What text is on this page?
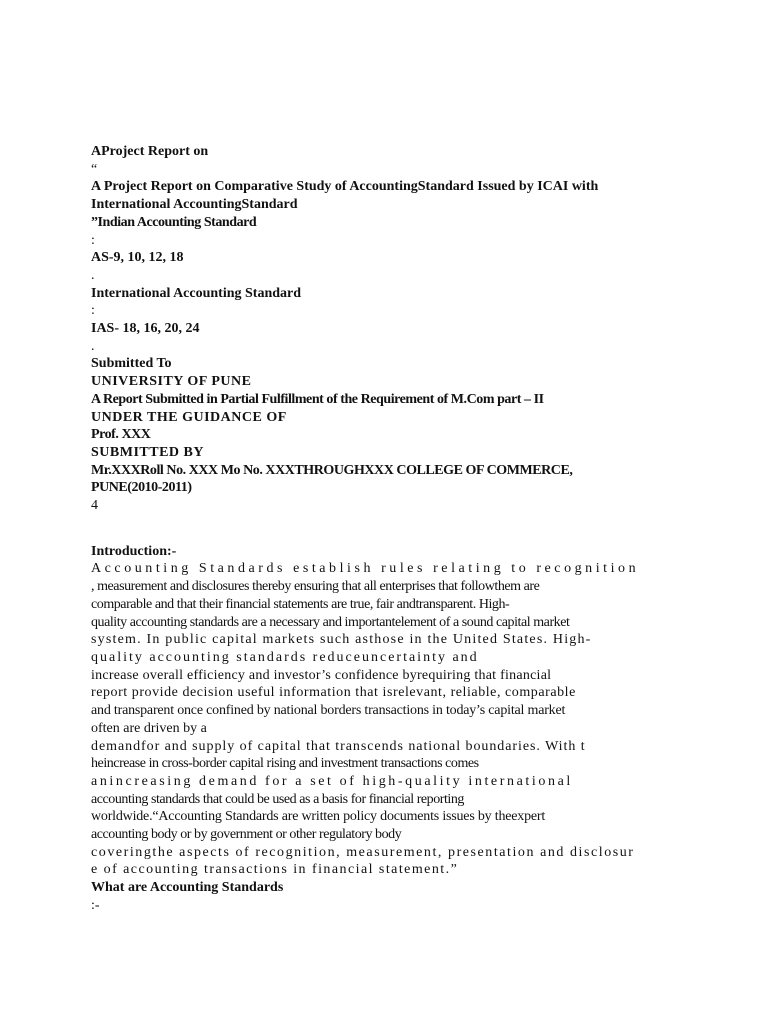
AProject Report on
“
A Project Report on Comparative Study of AccountingStandard Issued by ICAI with
International AccountingStandard
”Indian Accounting Standard
:
AS-9, 10, 12, 18
.
International Accounting Standard
:
IAS- 18, 16, 20, 24
.
Submitted To
UNIVERSITY OF PUNE
A Report Submitted in Partial Fulfillment of the Requirement of M.Com part – II
UNDER THE GUIDANCE OF
Prof. XXX
SUBMITTED BY
Mr.XXXRoll No. XXX Mo No. XXXTHROUGHXXX COLLEGE OF COMMERCE,
PUNE(2010-2011)
4
Introduction:-
Accounting Standards establish rules relating to recognition
, measurement and disclosures thereby ensuring that all enterprises that followthem are
comparable and that their financial statements are true, fair andtransparent. High-
quality accounting standards are a necessary and importantelement of a sound capital market
system. In public capital markets such asthose in the United States. High-
quality accounting standards reduceuncertainty and
increase overall efficiency and investor’s confidence byrequiring that financial
report provide decision useful information that isrelevant, reliable, comparable
and transparent once confined by national borders transactions in today’s capital market
often are driven by a
demandfor and supply of capital that transcends national boundaries. With t
heincrease in cross-border capital rising and investment transactions comes
anincreasing demand for a set of high-quality international
accounting standards that could be used as a basis for financial reporting
worldwide.“Accounting Standards are written policy documents issues by theexpert
accounting body or by government or other regulatory body
coveringthe aspects of recognition, measurement, presentation and disclosur
e of accounting transactions in financial statement.”
What are Accounting Standards
:-
